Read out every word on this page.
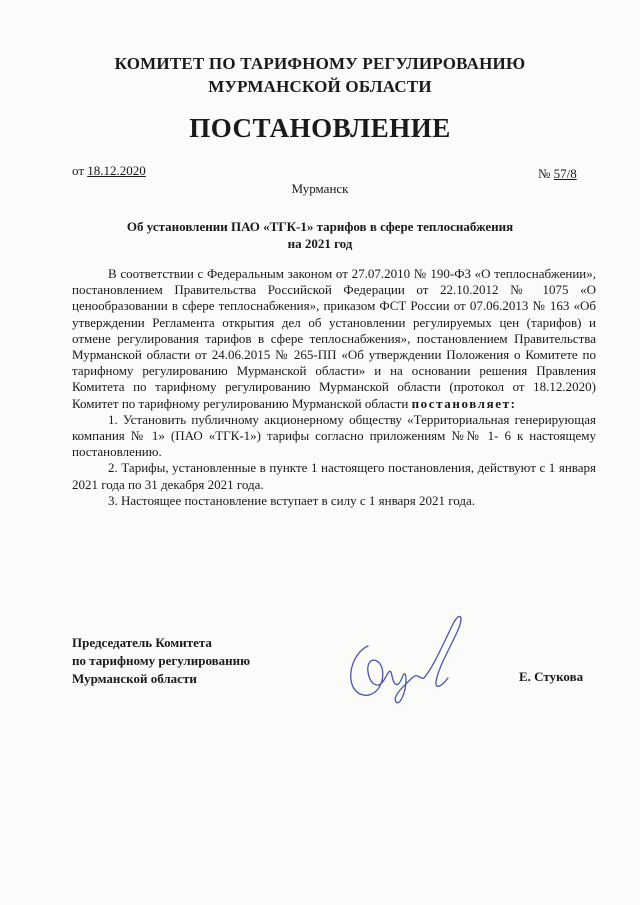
КОМИТЕТ ПО ТАРИФНОМУ РЕГУЛИРОВАНИЮ
МУРМАНСКОЙ ОБЛАСТИ
ПОСТАНОВЛЕНИЕ
от 18.12.2020	№ 57/8
Мурманск
Об установлении ПАО «ТГК-1» тарифов в сфере теплоснабжения
на 2021 год

В соответствии с Федеральным законом от 27.07.2010 № 190-ФЗ «О теплоснабжении», постановлением Правительства Российской Федерации от 22.10.2012 № 1075 «О ценообразовании в сфере теплоснабжения», приказом ФСТ России от 07.06.2013 № 163 «Об утверждении Регламента открытия дел об установлении регулируемых цен (тарифов) и отмене регулирования тарифов в сфере теплоснабжения», постановлением Правительства Мурманской области от 24.06.2015 № 265-ПП «Об утверждении Положения о Комитете по тарифному регулированию Мурманской области» и на основании решения Правления Комитета по тарифному регулированию Мурманской области (протокол от 18.12.2020) Комитет по тарифному регулированию Мурманской области постановляет:

1. Установить публичному акционерному обществу «Территориальная генерирующая компания № 1» (ПАО «ТГК-1») тарифы согласно приложениям №№ 1- 6 к настоящему постановлению.

2. Тарифы, установленные в пункте 1 настоящего постановления, действуют с 1 января 2021 года по 31 декабря 2021 года.

3. Настоящее постановление вступает в силу с 1 января 2021 года.

Председатель Комитета
по тарифному регулированию
Мурманской области	Е. Стукова
